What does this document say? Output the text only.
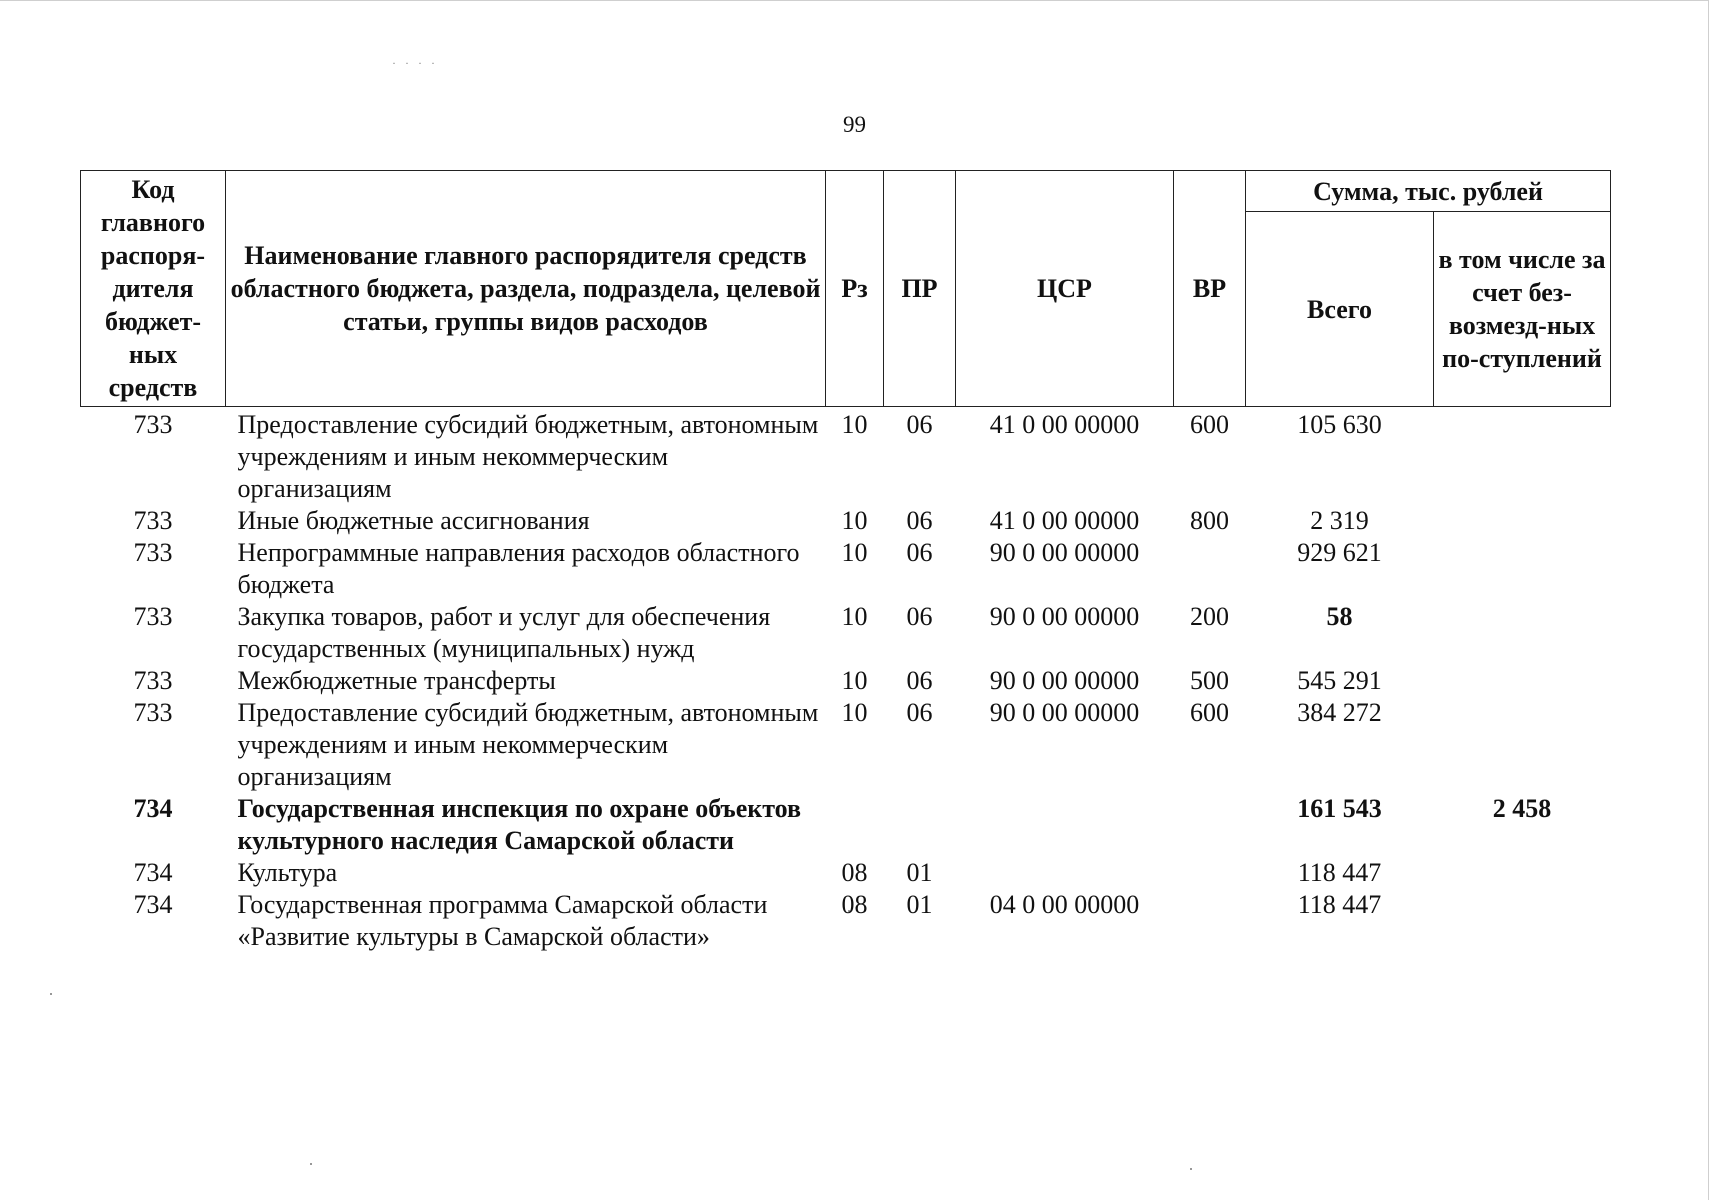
· · · ·
99
Код главного распоря-дителя бюджет-ных средств	Наименование главного распорядителя средств областного бюджета, раздела, подраздела, целевой статьи, группы видов расходов	Рз	ПР	ЦСР	ВР	Сумма, тыс. рублей	
						Всего	в том числе за счет без-возмезд-ных по-ступлений
733	Предоставление субсидий бюджетным, автономным учреждениям и иным некоммерческим организациям	10	06	41 0 00 00000	600	105 630	
733	Иные бюджетные ассигнования	10	06	41 0 00 00000	800	2 319	
733	Непрограммные направления расходов областного бюджета	10	06	90 0 00 00000		929 621	
733	Закупка товаров, работ и услуг для обеспечения государственных (муниципальных) нужд	10	06	90 0 00 00000	200	58	
733	Межбюджетные трансферты	10	06	90 0 00 00000	500	545 291	
733	Предоставление субсидий бюджетным, автономным учреждениям и иным некоммерческим организациям	10	06	90 0 00 00000	600	384 272	
734	Государственная инспекция по охране объектов культурного наследия Самарской области					161 543	2 458
734	Культура	08	01			118 447	
734	Государственная программа Самарской области «Развитие культуры в Самарской области»	08	01	04 0 00 00000		118 447	
